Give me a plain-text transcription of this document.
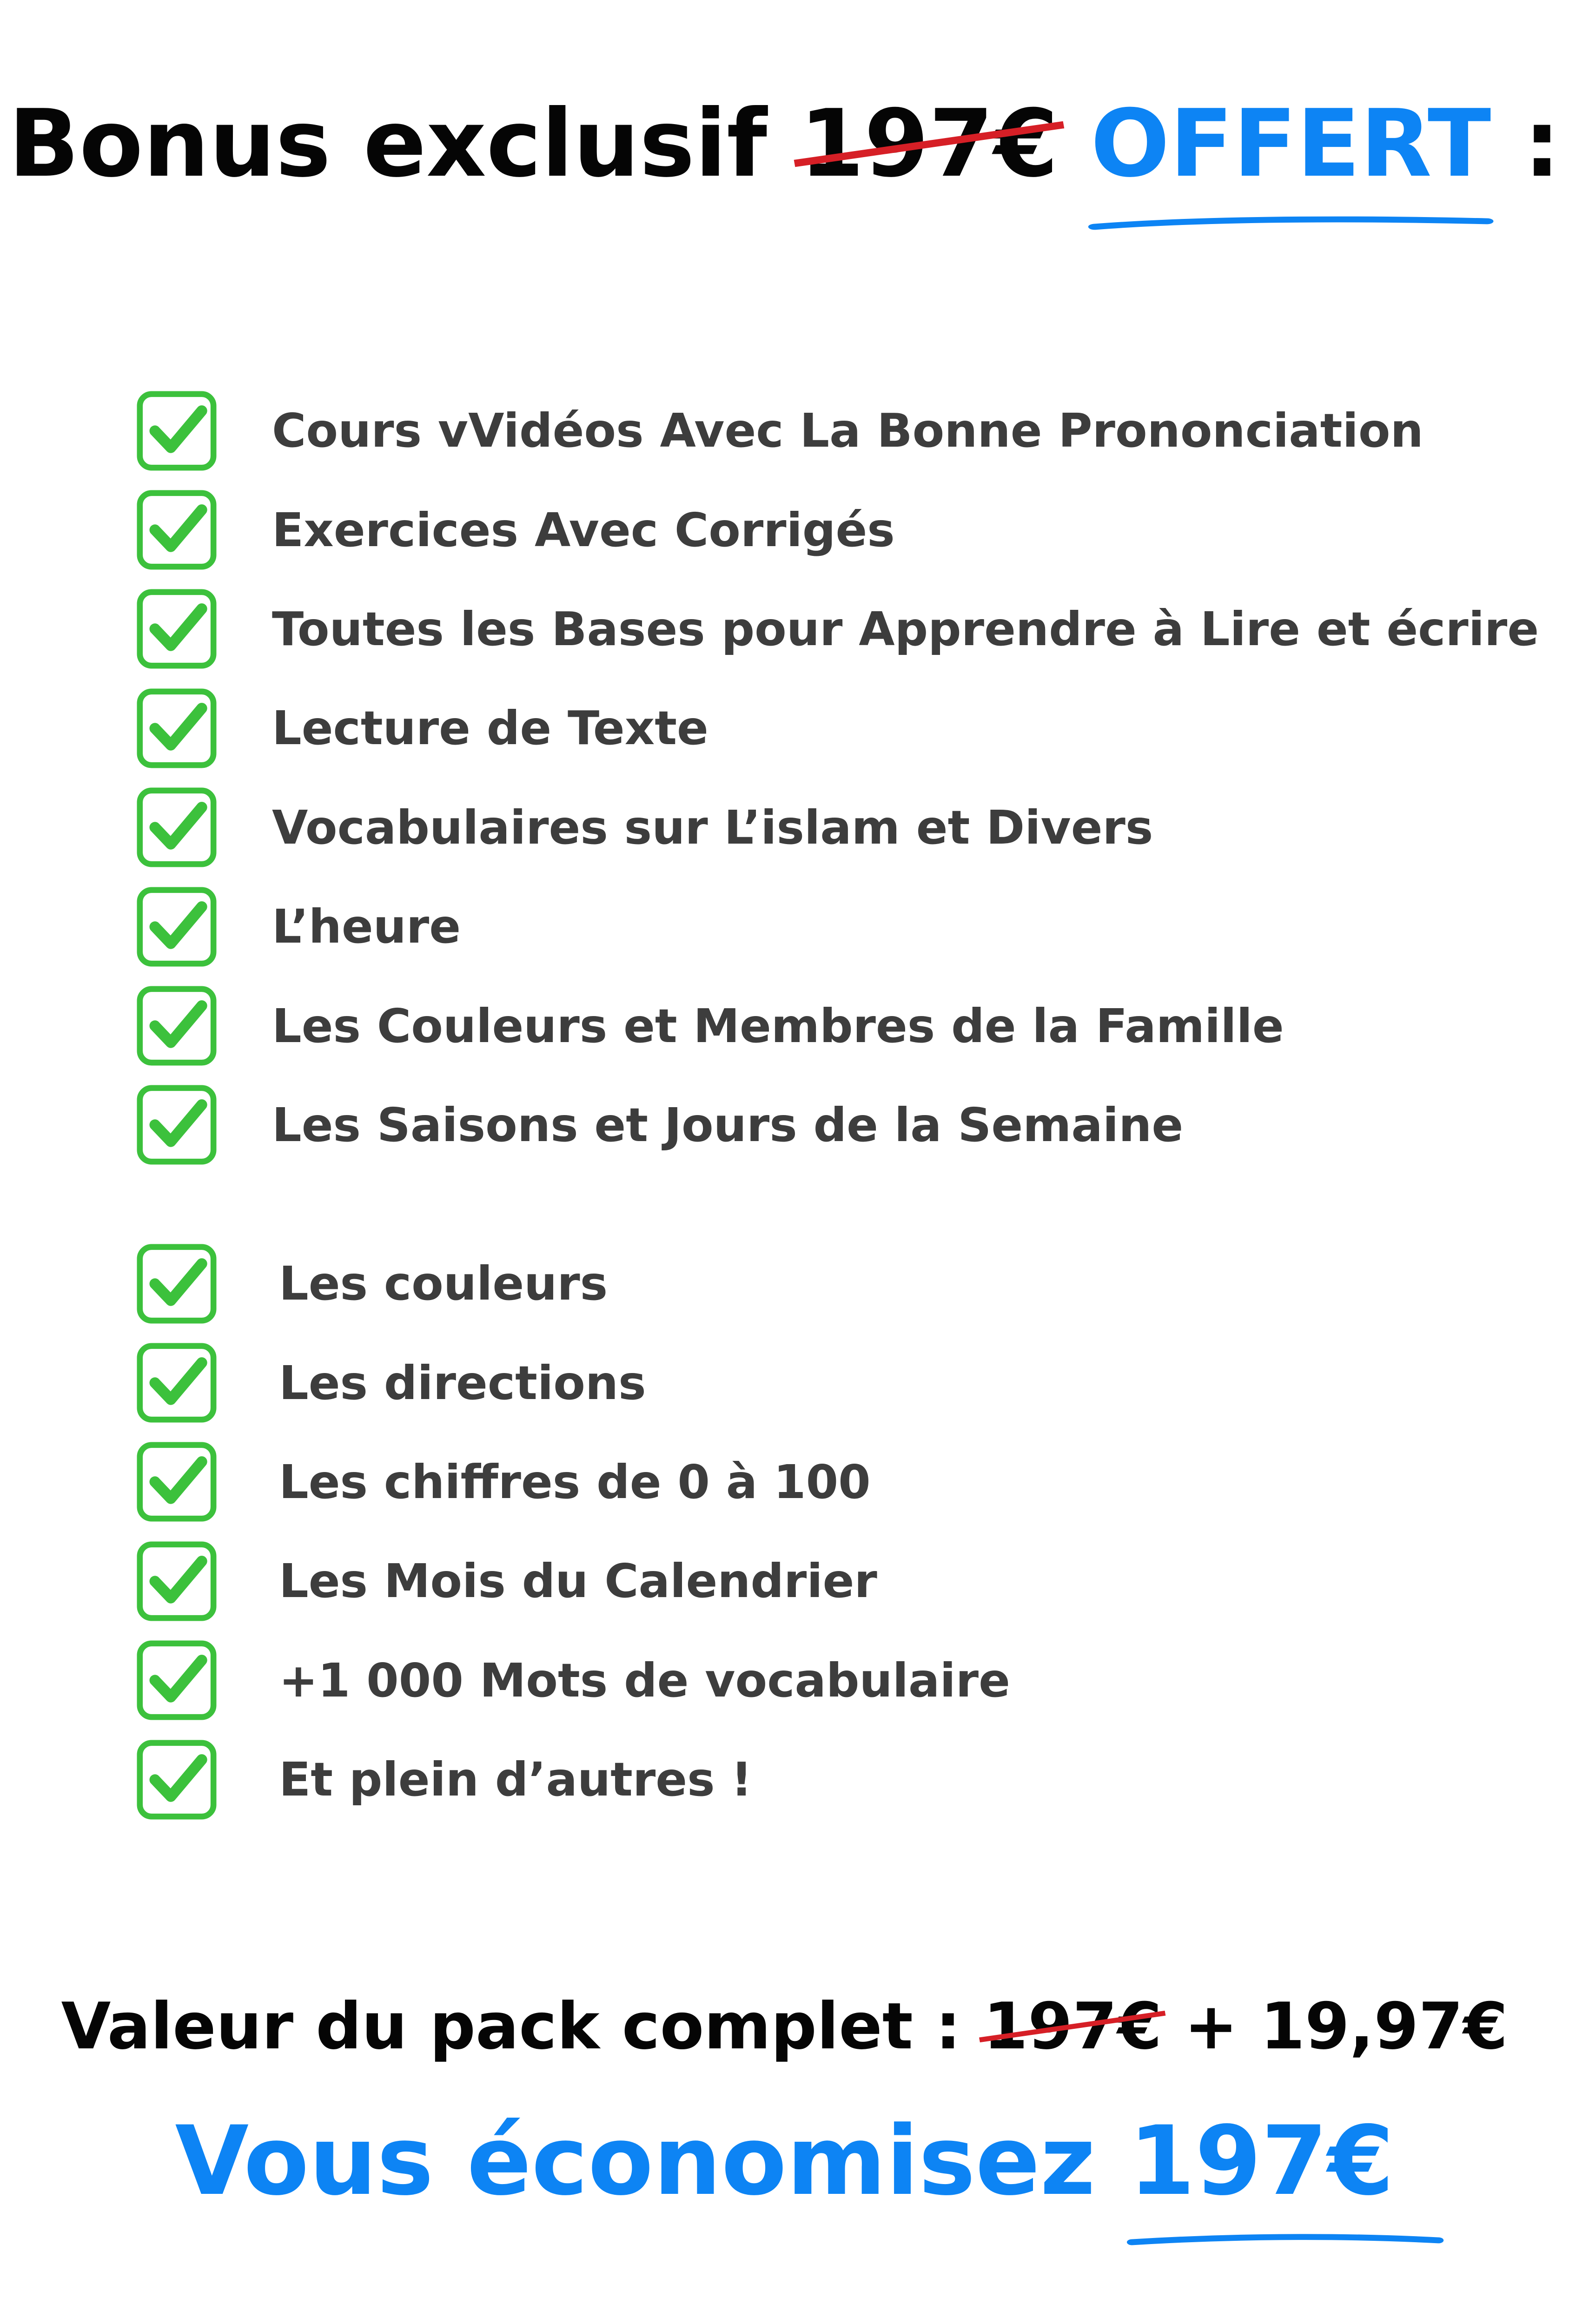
Bonus exclusif 197€ OFFERT :
Cours vVidéos Avec La Bonne Prononciation
Exercices Avec Corrigés
Toutes les Bases pour Apprendre à Lire et écrire
Lecture de Texte
Vocabulaires sur L’islam et Divers
L’heure
Les Couleurs et Membres de la Famille
Les Saisons et Jours de la Semaine
Les couleurs
Les directions
Les chiffres de 0 à 100
Les Mois du Calendrier
+1 000 Mots de vocabulaire
Et plein d’autres !
Valeur du pack complet : 197€ + 19,97€
Vous économisez 197€
